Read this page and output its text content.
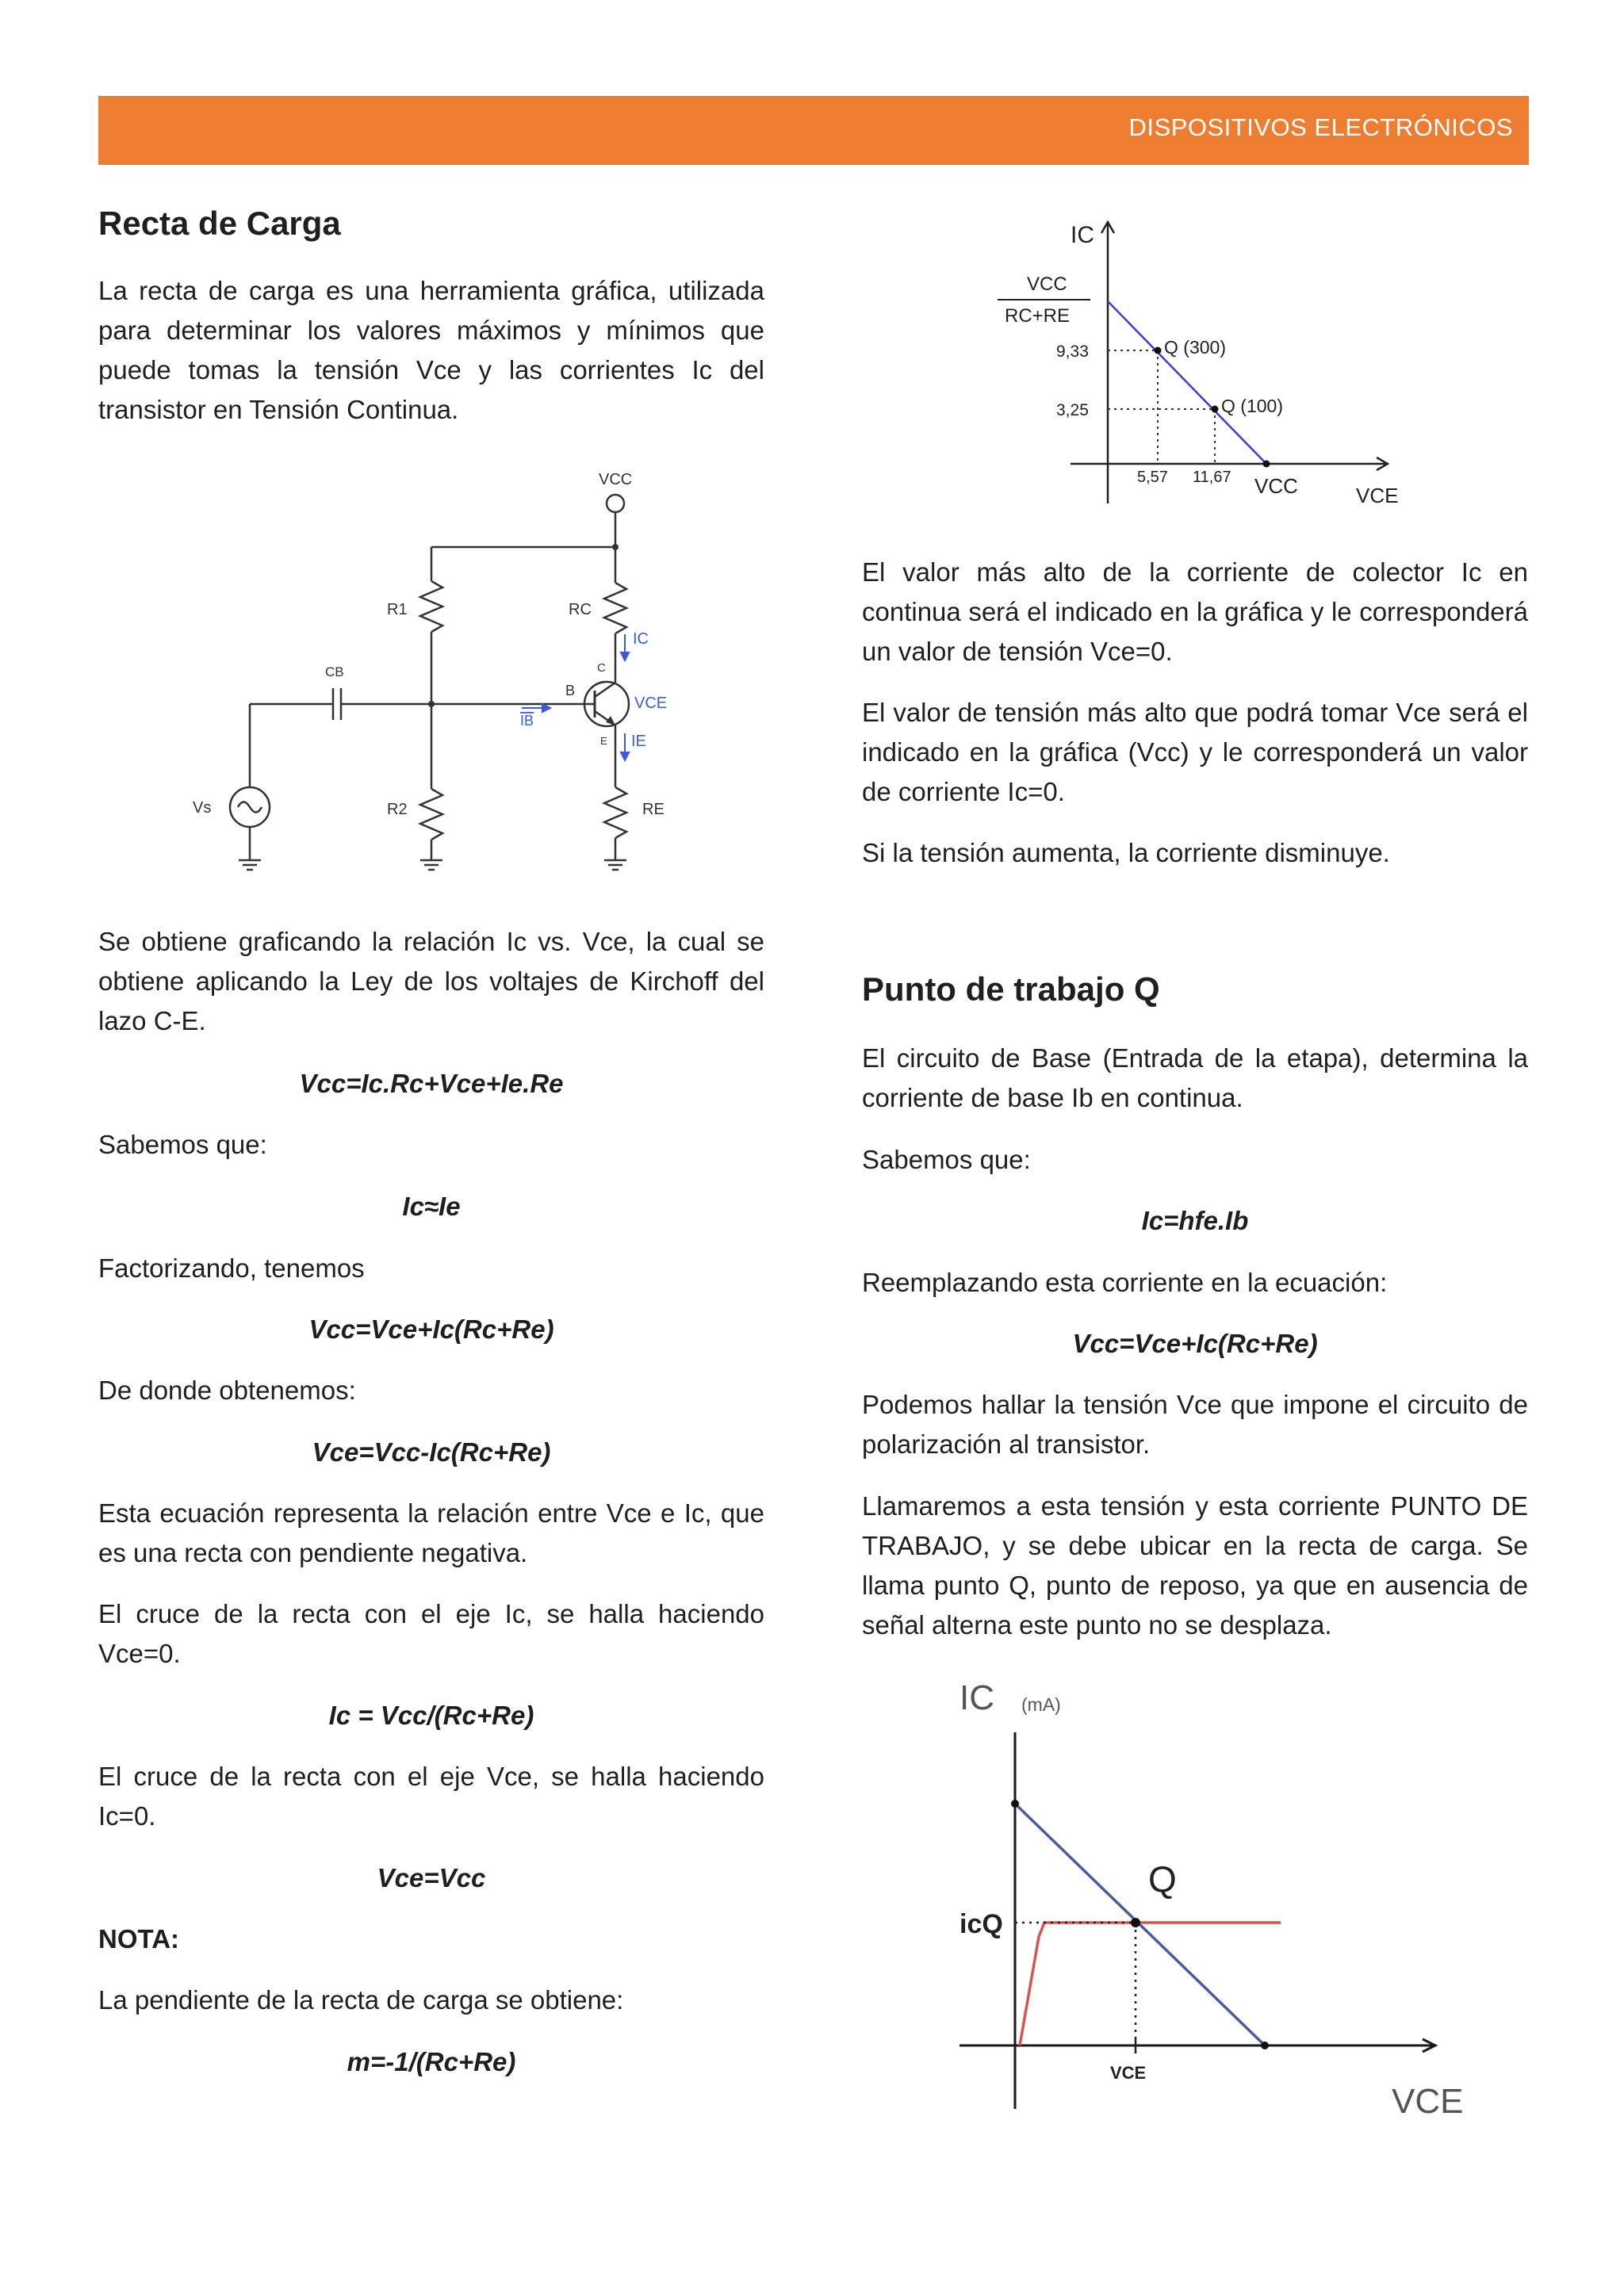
DISPOSITIVOS ELECTRÓNICOS
Recta de Carga

La recta de carga es una herramienta gráfica, utilizada para determinar los valores máximos y mínimos que puede tomas la tensión Vce y las corrientes Ic del transistor en Tensión Continua.

VCC
R1	RC
IC
CB	C
B
VCE
IB
E IE
Vs	R2	RE

Se obtiene graficando la relación Ic vs. Vce, la cual se obtiene aplicando la Ley de los voltajes de Kirchoff del lazo C-E.

Vcc=Ic.Rc+Vce+Ie.Re

Sabemos que:

Ic≈Ie

Factorizando, tenemos

Vcc=Vce+Ic(Rc+Re)

De donde obtenemos:

Vce=Vcc-Ic(Rc+Re)

Esta ecuación representa la relación entre Vce e Ic, que es una recta con pendiente negativa.

El cruce de la recta con el eje Ic, se halla haciendo Vce=0.

Ic = Vcc/(Rc+Re)

El cruce de la recta con el eje Vce, se halla haciendo Ic=0.

Vce=Vcc

NOTA:

La pendiente de la recta de carga se obtiene:

m=-1/(Rc+Re)

IC
VCC
RC+RE
9,33
3,25
Q (300)
Q (100)
5,57 11,67 VCC	VCE

El valor más alto de la corriente de colector Ic en continua será el indicado en la gráfica y le corresponderá un valor de tensión Vce=0.

El valor de tensión más alto que podrá tomar Vce será el indicado en la gráfica (Vcc) y le corresponderá un valor de corriente Ic=0.

Si la tensión aumenta, la corriente disminuye.

Punto de trabajo Q

El circuito de Base (Entrada de la etapa), determina la corriente de base Ib en continua.

Sabemos que:

Ic=hfe.Ib

Reemplazando esta corriente en la ecuación:

Vcc=Vce+Ic(Rc+Re)

Podemos hallar la tensión Vce que impone el circuito de polarización al transistor.

Llamaremos a esta tensión y esta corriente PUNTO DE TRABAJO, y se debe ubicar en la recta de carga. Se llama punto Q, punto de reposo, ya que en ausencia de señal alterna este punto no se desplaza.

IC (mA)
Q
icQ
VCE
VCE
